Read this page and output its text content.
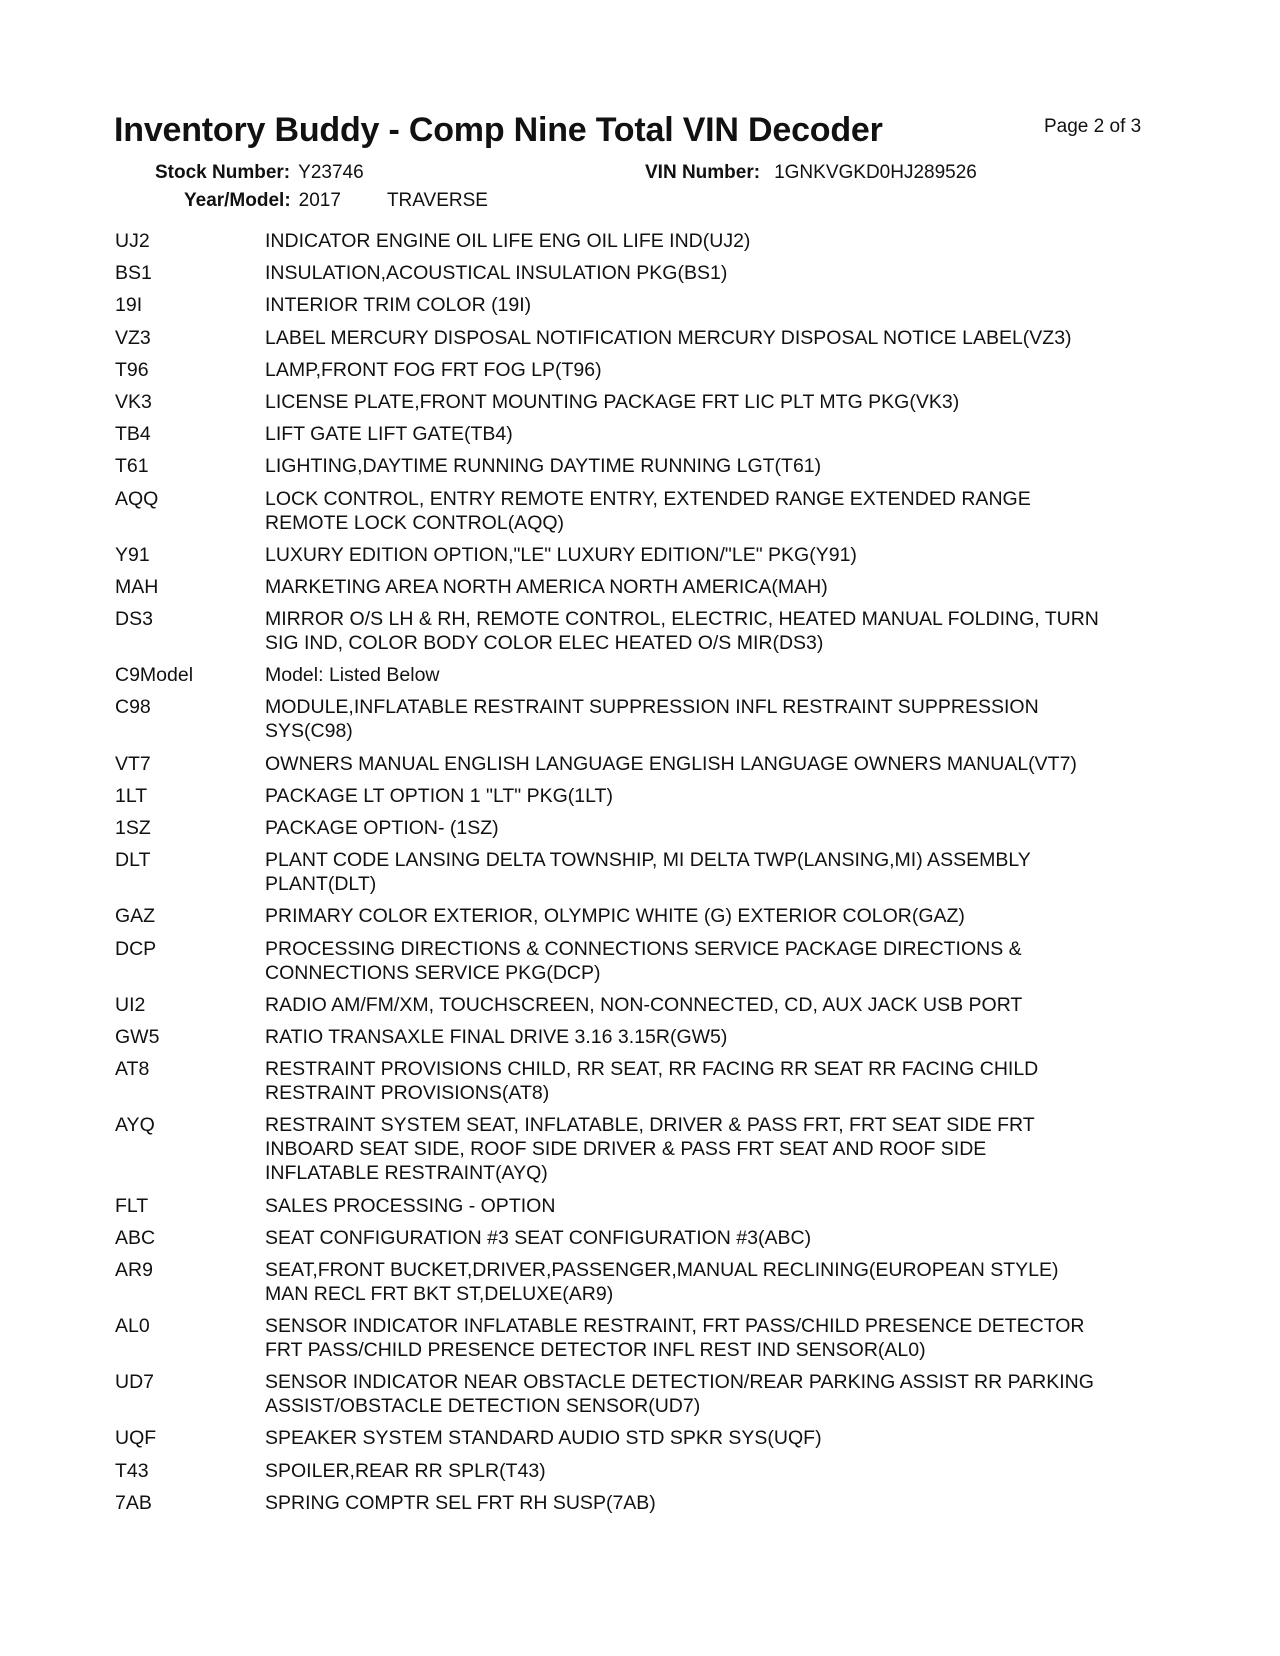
Inventory Buddy - Comp Nine Total VIN Decoder	Page 2 of 3
Stock Number: Y23746	VIN Number: 1GNKVGKD0HJ289526
Year/Model: 2017 TRAVERSE
UJ2	INDICATOR ENGINE OIL LIFE ENG OIL LIFE IND(UJ2)
BS1	INSULATION,ACOUSTICAL INSULATION PKG(BS1)
19I	INTERIOR TRIM COLOR (19I)
VZ3	LABEL MERCURY DISPOSAL NOTIFICATION MERCURY DISPOSAL NOTICE LABEL(VZ3)
T96	LAMP,FRONT FOG FRT FOG LP(T96)
VK3	LICENSE PLATE,FRONT MOUNTING PACKAGE FRT LIC PLT MTG PKG(VK3)
TB4	LIFT GATE LIFT GATE(TB4)
T61	LIGHTING,DAYTIME RUNNING DAYTIME RUNNING LGT(T61)
AQQ	LOCK CONTROL, ENTRY REMOTE ENTRY, EXTENDED RANGE EXTENDED RANGE
REMOTE LOCK CONTROL(AQQ)
Y91	LUXURY EDITION OPTION,"LE" LUXURY EDITION/"LE" PKG(Y91)
MAH	MARKETING AREA NORTH AMERICA NORTH AMERICA(MAH)
DS3	MIRROR O/S LH & RH, REMOTE CONTROL, ELECTRIC, HEATED MANUAL FOLDING, TURN
SIG IND, COLOR BODY COLOR ELEC HEATED O/S MIR(DS3)
C9Model	Model: Listed Below
C98	MODULE,INFLATABLE RESTRAINT SUPPRESSION INFL RESTRAINT SUPPRESSION
SYS(C98)
VT7	OWNERS MANUAL ENGLISH LANGUAGE ENGLISH LANGUAGE OWNERS MANUAL(VT7)
1LT	PACKAGE LT OPTION 1 "LT" PKG(1LT)
1SZ	PACKAGE OPTION- (1SZ)
DLT	PLANT CODE LANSING DELTA TOWNSHIP, MI DELTA TWP(LANSING,MI) ASSEMBLY
PLANT(DLT)
GAZ	PRIMARY COLOR EXTERIOR, OLYMPIC WHITE (G) EXTERIOR COLOR(GAZ)
DCP	PROCESSING DIRECTIONS & CONNECTIONS SERVICE PACKAGE DIRECTIONS &
CONNECTIONS SERVICE PKG(DCP)
UI2	RADIO AM/FM/XM, TOUCHSCREEN, NON-CONNECTED, CD, AUX JACK USB PORT
GW5	RATIO TRANSAXLE FINAL DRIVE 3.16 3.15R(GW5)
AT8	RESTRAINT PROVISIONS CHILD, RR SEAT, RR FACING RR SEAT RR FACING CHILD
RESTRAINT PROVISIONS(AT8)
AYQ	RESTRAINT SYSTEM SEAT, INFLATABLE, DRIVER & PASS FRT, FRT SEAT SIDE FRT
INBOARD SEAT SIDE, ROOF SIDE DRIVER & PASS FRT SEAT AND ROOF SIDE
INFLATABLE RESTRAINT(AYQ)
FLT	SALES PROCESSING - OPTION
ABC	SEAT CONFIGURATION #3 SEAT CONFIGURATION #3(ABC)
AR9	SEAT,FRONT BUCKET,DRIVER,PASSENGER,MANUAL RECLINING(EUROPEAN STYLE)
MAN RECL FRT BKT ST,DELUXE(AR9)
AL0	SENSOR INDICATOR INFLATABLE RESTRAINT, FRT PASS/CHILD PRESENCE DETECTOR
FRT PASS/CHILD PRESENCE DETECTOR INFL REST IND SENSOR(AL0)
UD7	SENSOR INDICATOR NEAR OBSTACLE DETECTION/REAR PARKING ASSIST RR PARKING
ASSIST/OBSTACLE DETECTION SENSOR(UD7)
UQF	SPEAKER SYSTEM STANDARD AUDIO STD SPKR SYS(UQF)
T43	SPOILER,REAR RR SPLR(T43)
7AB	SPRING COMPTR SEL FRT RH SUSP(7AB)
